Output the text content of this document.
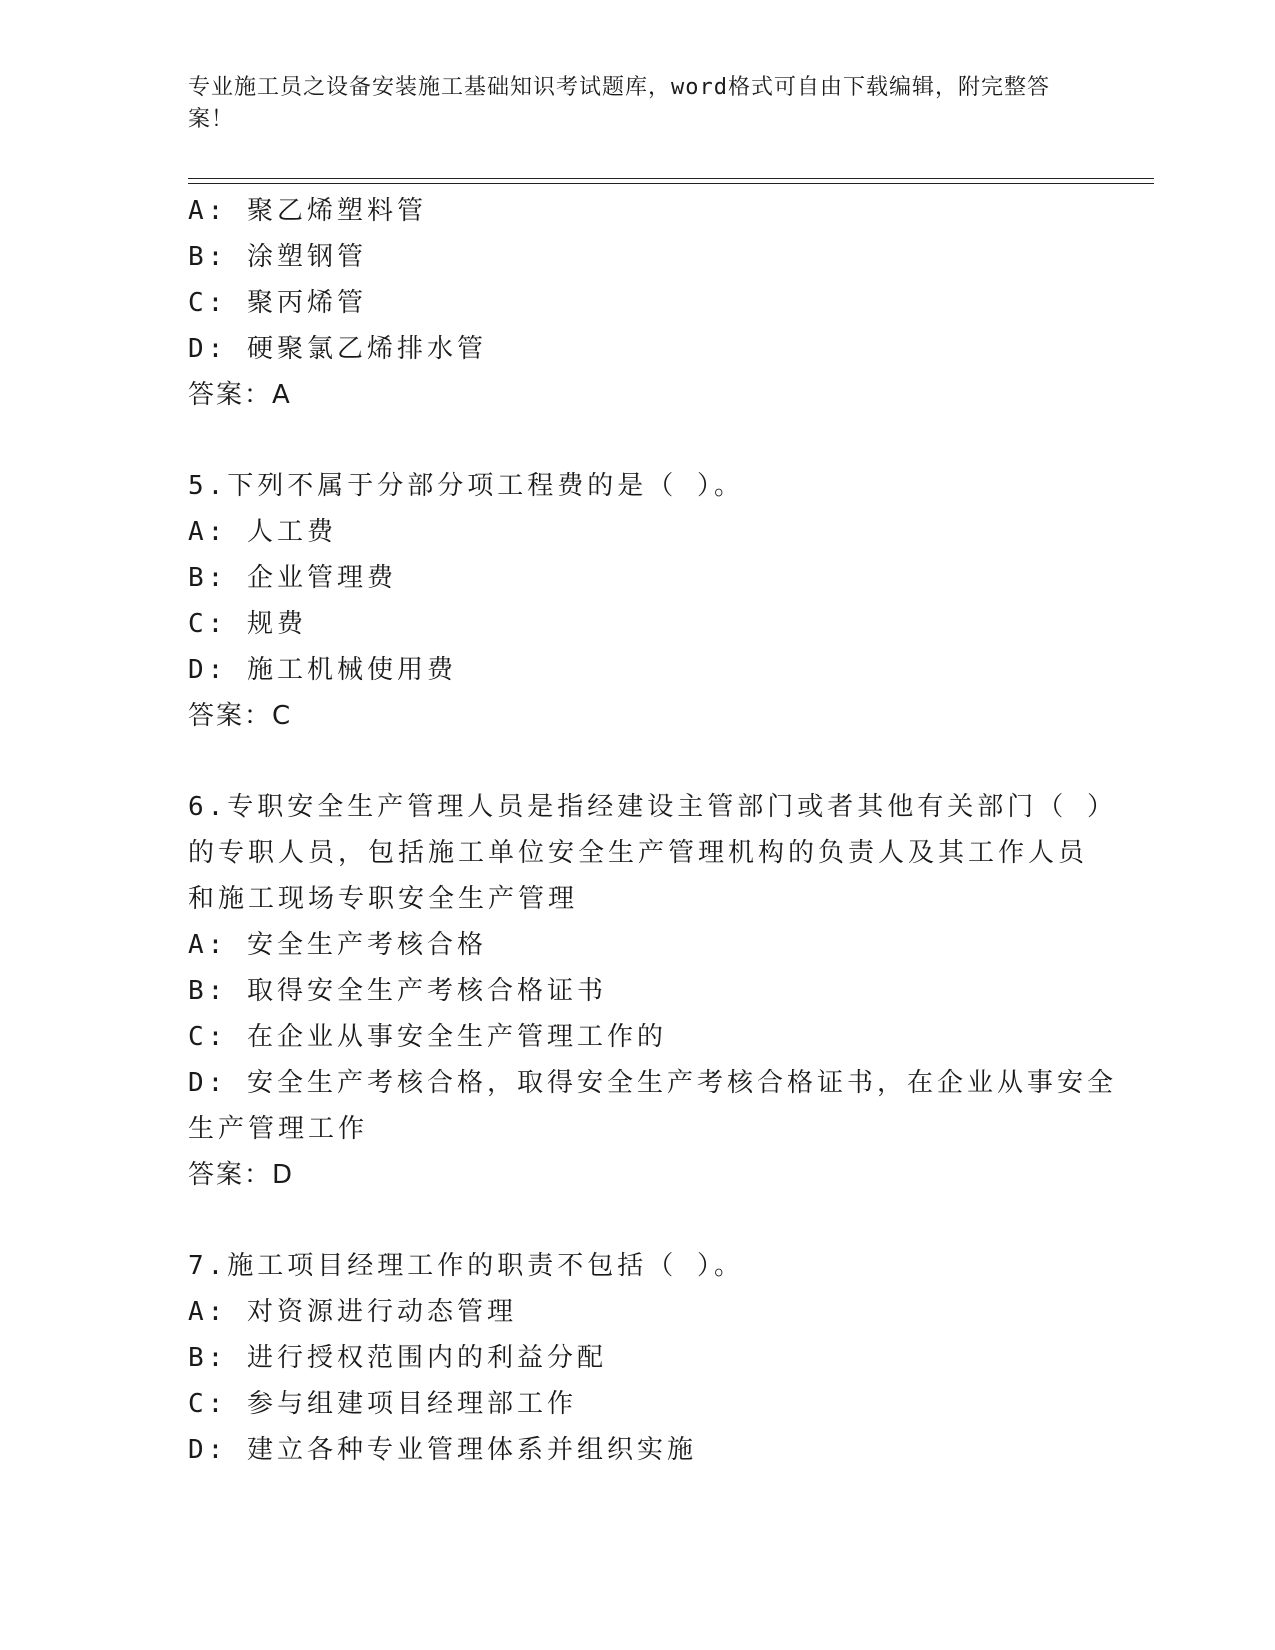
专业施工员之设备安装施工基础知识考试题库，word格式可自由下载编辑，附完整答案！
A: 聚乙烯塑料管
B: 涂塑钢管
C: 聚丙烯管
D: 硬聚氯乙烯排水管
答案：A
5.下列不属于分部分项工程费的是（ ）。
A: 人工费
B: 企业管理费
C: 规费
D: 施工机械使用费
答案：C
6.专职安全生产管理人员是指经建设主管部门或者其他有关部门（ ）
的专职人员，包括施工单位安全生产管理机构的负责人及其工作人员
和施工现场专职安全生产管理
A: 安全生产考核合格
B: 取得安全生产考核合格证书
C: 在企业从事安全生产管理工作的
D: 安全生产考核合格，取得安全生产考核合格证书，在企业从事安全
生产管理工作
答案：D
7.施工项目经理工作的职责不包括（ ）。
A: 对资源进行动态管理
B: 进行授权范围内的利益分配
C: 参与组建项目经理部工作
D: 建立各种专业管理体系并组织实施
